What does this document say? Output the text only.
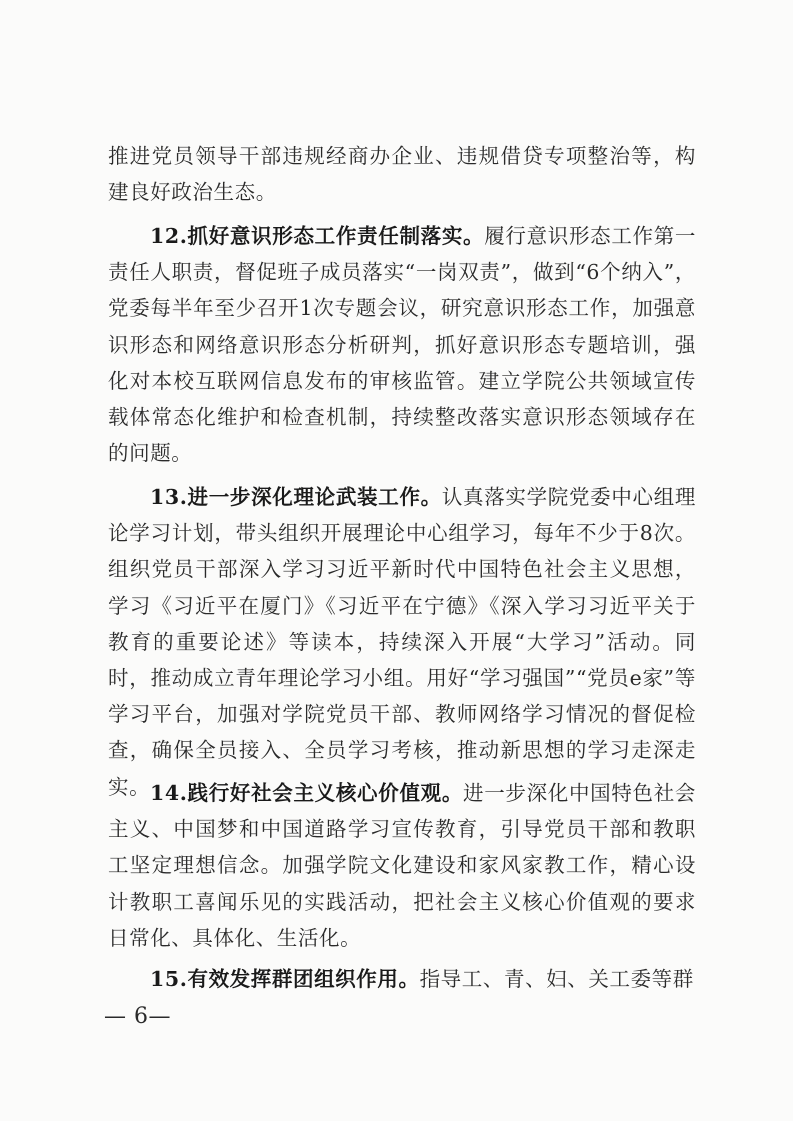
推进党员领导干部违规经商办企业、违规借贷专项整治等，构建良好政治生态。

12.抓好意识形态工作责任制落实。履行意识形态工作第一责任人职责，督促班子成员落实“一岗双责”，做到“6个纳入”，党委每半年至少召开1次专题会议，研究意识形态工作，加强意识形态和网络意识形态分析研判，抓好意识形态专题培训，强化对本校互联网信息发布的审核监管。建立学院公共领域宣传载体常态化维护和检查机制，持续整改落实意识形态领域存在的问题。

13.进一步深化理论武装工作。认真落实学院党委中心组理论学习计划，带头组织开展理论中心组学习，每年不少于8次。组织党员干部深入学习习近平新时代中国特色社会主义思想，学习《习近平在厦门》《习近平在宁德》《深入学习习近平关于教育的重要论述》等读本，持续深入开展“大学习”活动。同时，推动成立青年理论学习小组。用好“学习强国”“党员e家”等学习平台，加强对学院党员干部、教师网络学习情况的督促检查，确保全员接入、全员学习考核，推动新思想的学习走深走实。 14.践行好社会主义核心价值观。进一步深化中国特色社会主义、中国梦和中国道路学习宣传教育，引导党员干部和教职工坚定理想信念。加强学院文化建设和家风家教工作，精心设计教职工喜闻乐见的实践活动，把社会主义核心价值观的要求日常化、具体化、生活化。

15.有效发挥群团组织作用。指导工、青、妇、关工委等群

— 6—
